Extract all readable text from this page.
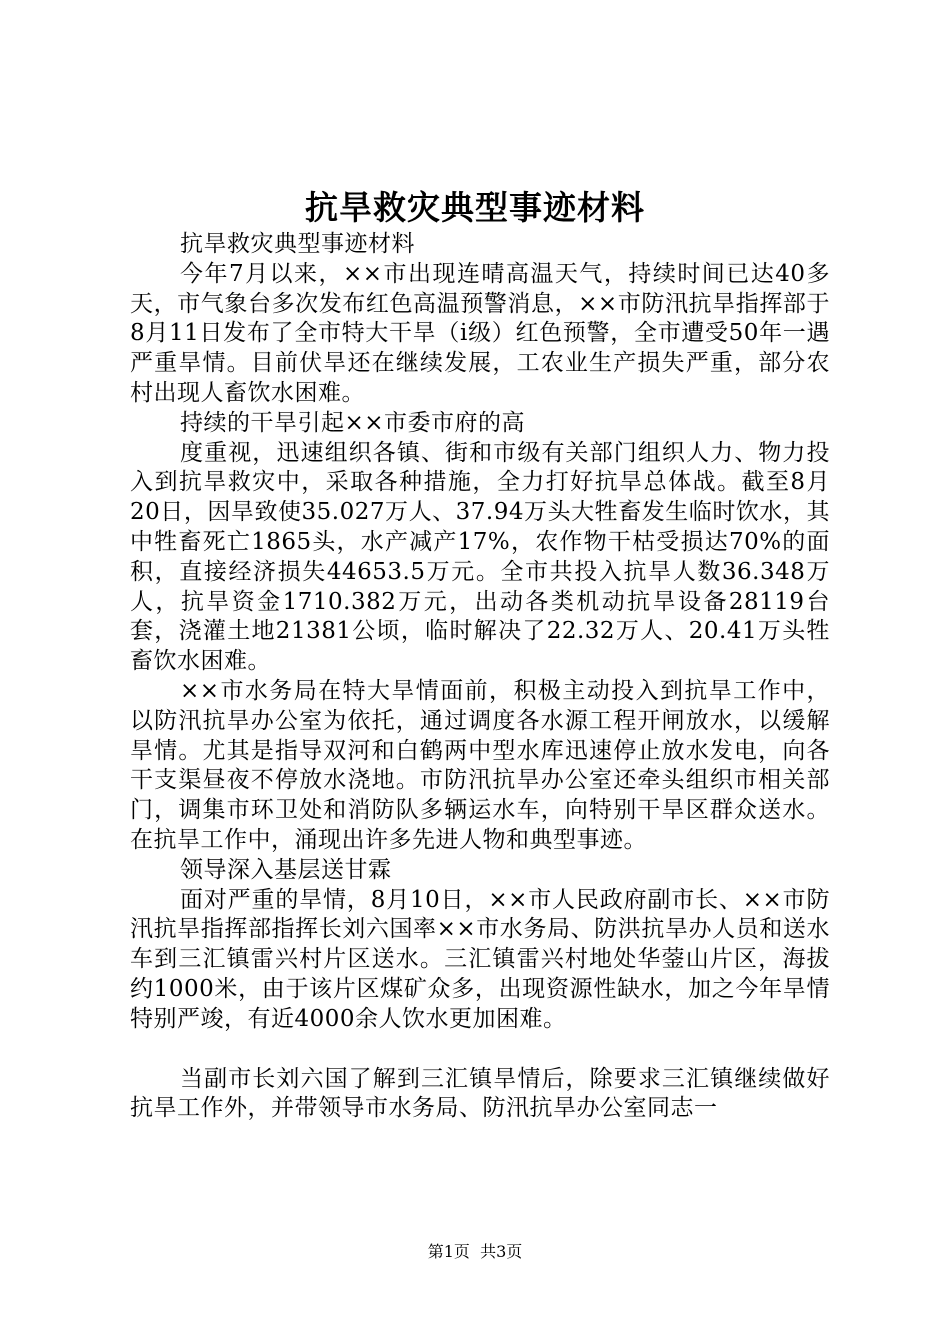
抗旱救灾典型事迹材料

抗旱救灾典型事迹材料

今年7月以来，××市出现连晴高温天气，持续时间已达40多天，市气象台多次发布红色高温预警消息，××市防汛抗旱指挥部于8月11日发布了全市特大干旱（ⅰ级）红色预警，全市遭受50年一遇严重旱情。目前伏旱还在继续发展，工农业生产损失严重，部分农村出现人畜饮水困难。

持续的干旱引起××市委市府的高

度重视，迅速组织各镇、街和市级有关部门组织人力、物力投入到抗旱救灾中，采取各种措施，全力打好抗旱总体战。截至8月20日，因旱致使35.027万人、37.94万头大牲畜发生临时饮水，其中牲畜死亡1865头，水产减产17%，农作物干枯受损达70%的面积，直接经济损失44653.5万元。全市共投入抗旱人数36.348万人，抗旱资金1710.382万元，出动各类机动抗旱设备28119台套，浇灌土地21381公顷，临时解决了22.32万人、20.41万头牲畜饮水困难。

××市水务局在特大旱情面前，积极主动投入到抗旱工作中，以防汛抗旱办公室为依托，通过调度各水源工程开闸放水，以缓解旱情。尤其是指导双河和白鹤两中型水库迅速停止放水发电，向各干支渠昼夜不停放水浇地。市防汛抗旱办公室还牵头组织市相关部门，调集市环卫处和消防队多辆运水车，向特别干旱区群众送水。在抗旱工作中，涌现出许多先进人物和典型事迹。

领导深入基层送甘霖

面对严重的旱情，8月10日，××市人民政府副市长、××市防汛抗旱指挥部指挥长刘六国率××市水务局、防洪抗旱办人员和送水车到三汇镇雷兴村片区送水。三汇镇雷兴村地处华蓥山片区，海拔约1000米，由于该片区煤矿众多，出现资源性缺水，加之今年旱情特别严竣，有近4000余人饮水更加困难。

当副市长刘六国了解到三汇镇旱情后，除要求三汇镇继续做好抗旱工作外，并带领导市水务局、防汛抗旱办公室同志一

第1页 共3页
